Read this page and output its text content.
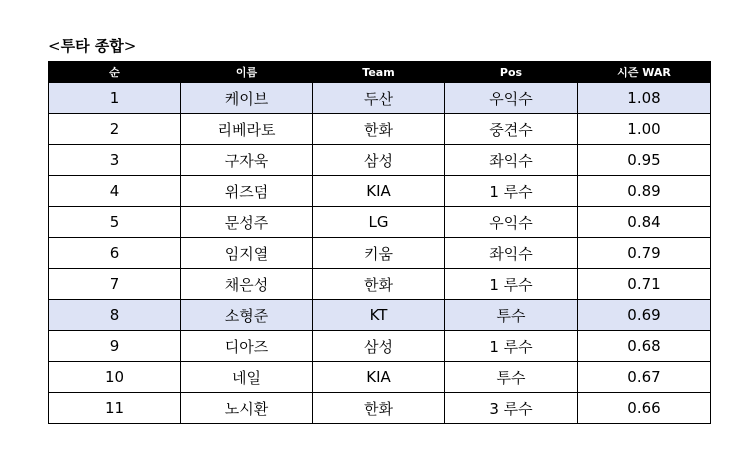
<투타 종합>
순	이름	Team	Pos	시즌 WAR
1	케이브	두산	우익수	1.08
2	리베라토	한화	중견수	1.00
3	구자욱	삼성	좌익수	0.95
4	위즈덤	KIA	1 루수	0.89
5	문성주	LG	우익수	0.84
6	임지열	키움	좌익수	0.79
7	채은성	한화	1 루수	0.71
8	소형준	KT	투수	0.69
9	디아즈	삼성	1 루수	0.68
10	네일	KIA	투수	0.67
11	노시환	한화	3 루수	0.66
